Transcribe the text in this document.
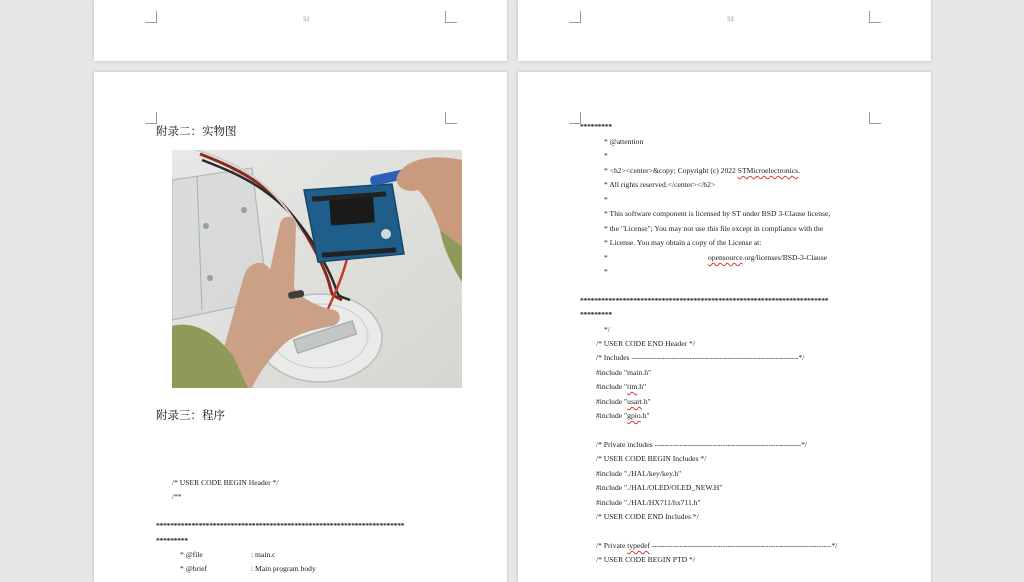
32	33
附录二：实物图
附录三：程序
/* USER CODE BEGIN Header */
/**
**********************************************************************
*********
* @file	: main.c
* @brief	: Main program body
*********
* @attention
*
* <h2><center>&copy; Copyright (c) 2022 STMicroelectronics.
* All rights reserved.</center></h2>
*
* This software component is licensed by ST under BSD 3-Clause license,
* the "License"; You may not use this file except in compliance with the
* License. You may obtain a copy of the License at:
*	opensource.org/licenses/BSD-3-Clause
*
**********************************************************************
*********
*/
/* USER CODE END Header */
/* Includes ------------------------------------------------------------------*/
#include "main.h"
#include "tim.h"
#include "usart.h"
#include "gpio.h"
/* Private includes ----------------------------------------------------------*/
/* USER CODE BEGIN Includes */
#include "./HAL/key/key.h"
#include "./HAL/OLED/OLED_NEW.H"
#include "./HAL/HX711/hx711.h"
/* USER CODE END Includes */
/* Private typedef -----------------------------------------------------------------------*/
/* USER CODE BEGIN PTD */
